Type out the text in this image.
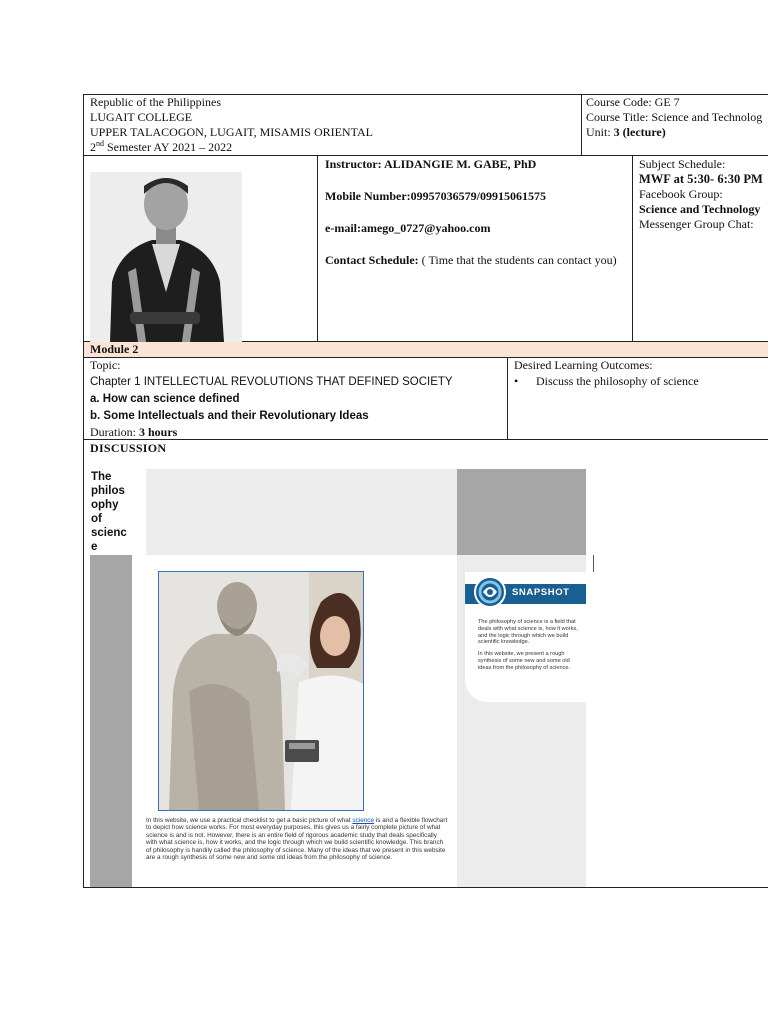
Republic of the Philippines
LUGAIT COLLEGE
UPPER TALACOGON, LUGAIT, MISAMIS ORIENTAL
2nd Semester AY 2021 – 2022
Course Code: GE 7
Course Title: Science and Technolog
Unit: 3 (lecture)
Instructor: ALIDANGIE M. GABE, PhD
Mobile Number:09957036579/09915061575
e-mail:amego_0727@yahoo.com
Contact Schedule: ( Time that the students can contact you)
Subject Schedule:
MWF at 5:30- 6:30 PM
Facebook Group:
Science and Technology
Messenger Group Chat:
Module 2
Topic:
Chapter 1 INTELLECTUAL REVOLUTIONS THAT DEFINED SOCIETY
a. How can science defined
b. Some Intellectuals and their Revolutionary Ideas
Duration: 3 hours
Desired Learning Outcomes:
• Discuss the philosophy of science
DISCUSSION
The
philos
ophy
of
scienc
e
SNAPSHOT
The philosophy of science is a field that deals with what science is, how it works, and the logic through which we build scientific knowledge.
In this website, we present a rough synthesis of some new and some old ideas from the philosophy of science.
In this website, we use a practical checklist to get a basic picture of what science is and a flexible flowchart to depict how science works. For most everyday purposes, this gives us a fairly complete picture of what science is and is not. However, there is an entire field of rigorous academic study that deals specifically with what science is, how it works, and the logic through which we build scientific knowledge. This branch of philosophy is handily called the philosophy of science. Many of the ideas that we present in this website are a rough synthesis of some new and some old ideas from the philosophy of science.
